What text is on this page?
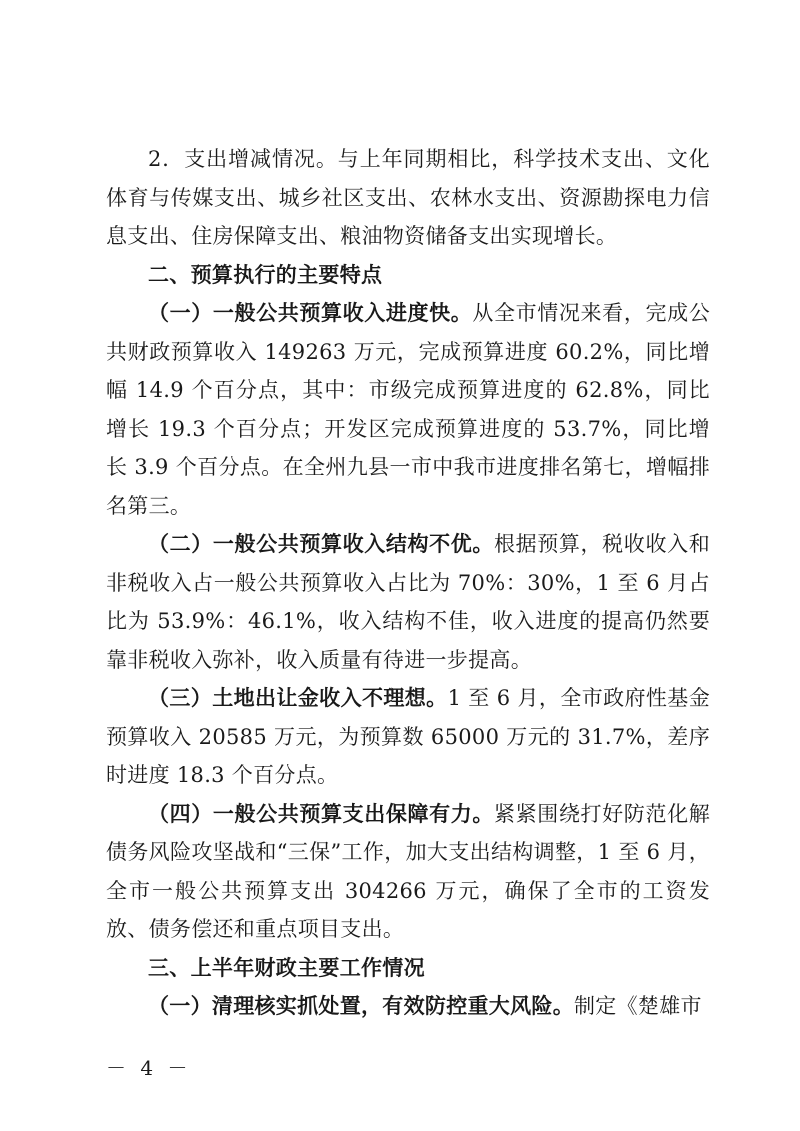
2．支出增减情况。与上年同期相比，科学技术支出、文化体育与传媒支出、城乡社区支出、农林水支出、资源勘探电力信息支出、住房保障支出、粮油物资储备支出实现增长。

二、预算执行的主要特点

（一）一般公共预算收入进度快。从全市情况来看，完成公共财政预算收入 149263 万元，完成预算进度 60.2%，同比增幅 14.9 个百分点，其中：市级完成预算进度的 62.8%，同比增长 19.3 个百分点；开发区完成预算进度的 53.7%，同比增长 3.9 个百分点。在全州九县一市中我市进度排名第七，增幅排名第三。

（二）一般公共预算收入结构不优。根据预算，税收收入和非税收入占一般公共预算收入占比为 70%：30%，1 至 6 月占比为 53.9%：46.1%，收入结构不佳，收入进度的提高仍然要靠非税收入弥补，收入质量有待进一步提高。

（三）土地出让金收入不理想。1 至 6 月，全市政府性基金预算收入 20585 万元，为预算数 65000 万元的 31.7%，差序时进度 18.3 个百分点。

（四）一般公共预算支出保障有力。紧紧围绕打好防范化解债务风险攻坚战和“三保”工作，加大支出结构调整，1 至 6 月，全市一般公共预算支出 304266 万元，确保了全市的工资发放、债务偿还和重点项目支出。

三、上半年财政主要工作情况

（一）清理核实抓处置，有效防控重大风险。制定《楚雄市

－ 4 －
